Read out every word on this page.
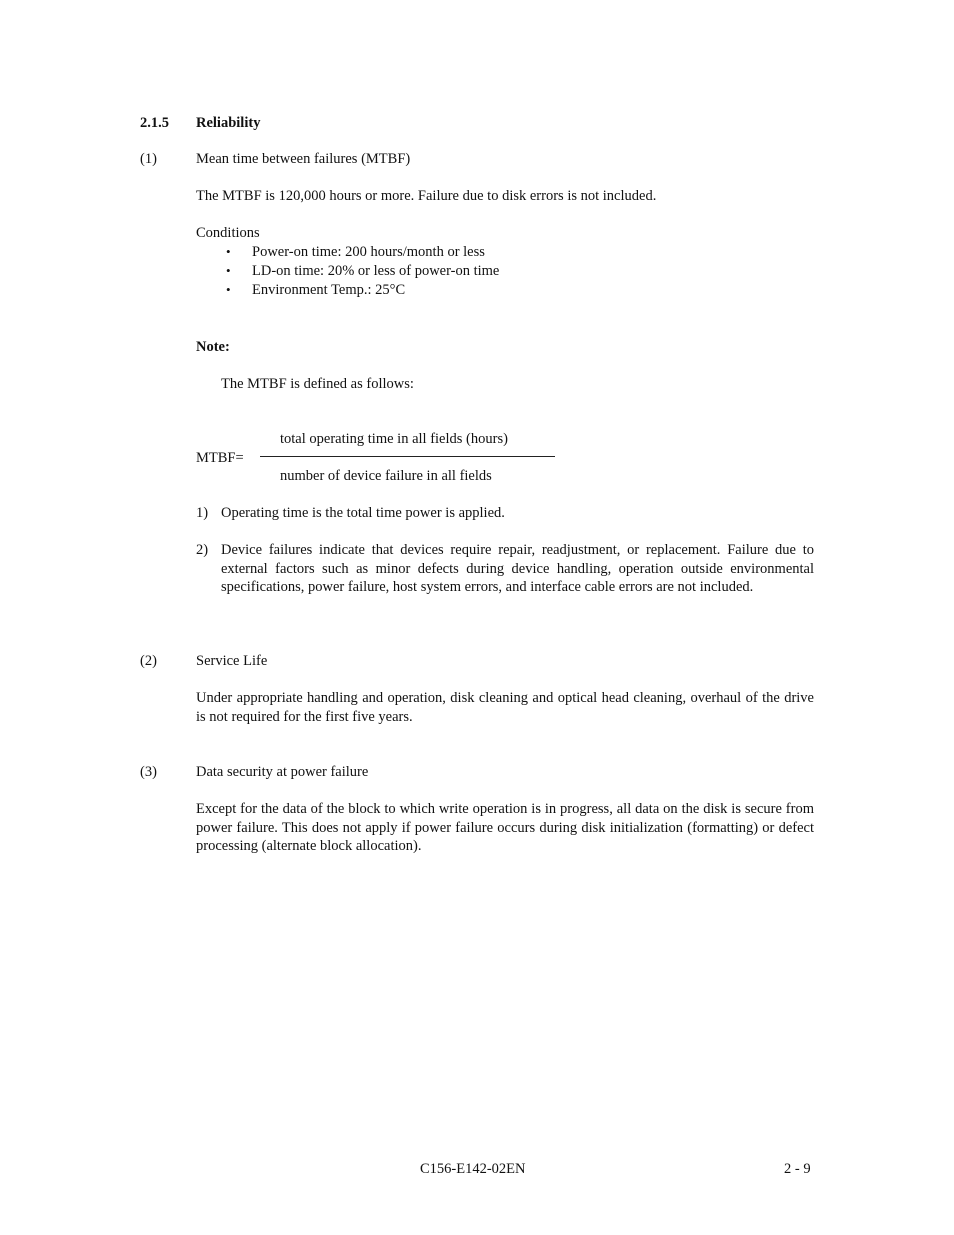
2.1.5 Reliability
(1)	Mean time between failures (MTBF)
The MTBF is 120,000 hours or more. Failure due to disk errors is not included.
Conditions
• Power-on time: 200 hours/month or less
• LD-on time: 20% or less of power-on time
• Environment Temp.: 25°C
Note:
The MTBF is defined as follows:
total operating time in all fields (hours)
MTBF=
number of device failure in all fields
1) Operating time is the total time power is applied.
2) Device failures indicate that devices require repair, readjustment, or replacement. Failure due to external factors such as minor defects during device handling, operation outside environmental specifications, power failure, host system errors, and interface cable errors are not included.
(2)	Service Life
Under appropriate handling and operation, disk cleaning and optical head cleaning, overhaul of the drive is not required for the first five years.
(3)	Data security at power failure
Except for the data of the block to which write operation is in progress, all data on the disk is secure from power failure. This does not apply if power failure occurs during disk initialization (formatting) or defect processing (alternate block allocation).
C156-E142-02EN	2 - 9
